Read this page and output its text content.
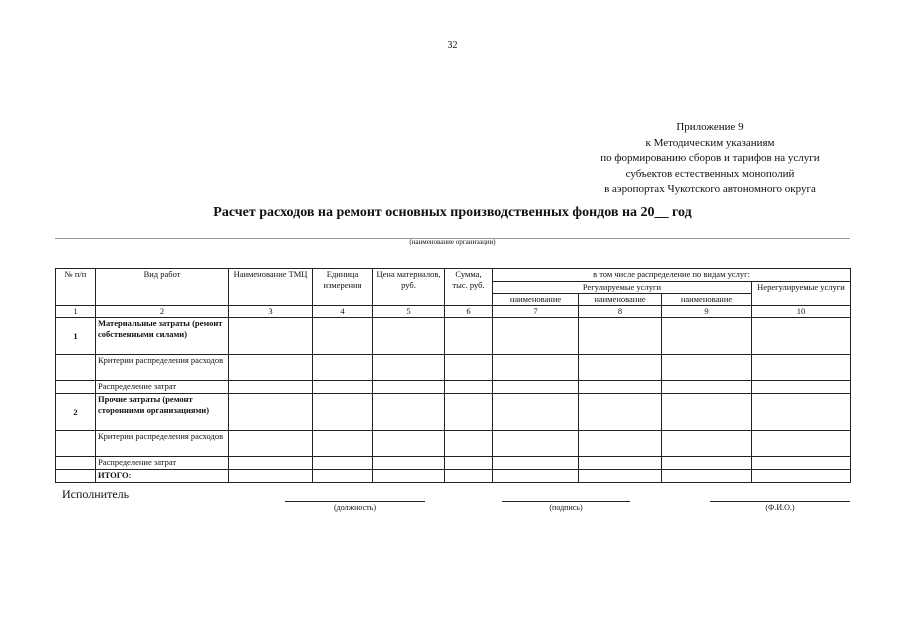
32
Приложение 9
к Методическим указаниям
по формированию сборов и тарифов на услуги
субъектов естественных монополий
в аэропортах Чукотского автономного округа
Расчет расходов на ремонт основных производственных фондов на 20__ год
(наименование организации)
№ п/п	Вид работ	Наименование ТМЦ	Единица измерения	Цена материалов, руб.	Сумма, тыс. руб.	в том числе распределение по видам услуг:			
						Регулируемые услуги			Нерегулируемые услуги
						наименование	наименование	наименование	
1	2	3	4	5	6	7	8	9	10
1	Материальные затраты (ремонт собственными силами)								
	Критерии распределения расходов								
	Распределение затрат								
2	Прочие затраты (ремонт сторонними организациями)								
	Критерии распределения расходов								
	Распределение затрат								
	ИТОГО:								
Исполнитель
(должность)	(подпись)	(Ф.И.О.)
